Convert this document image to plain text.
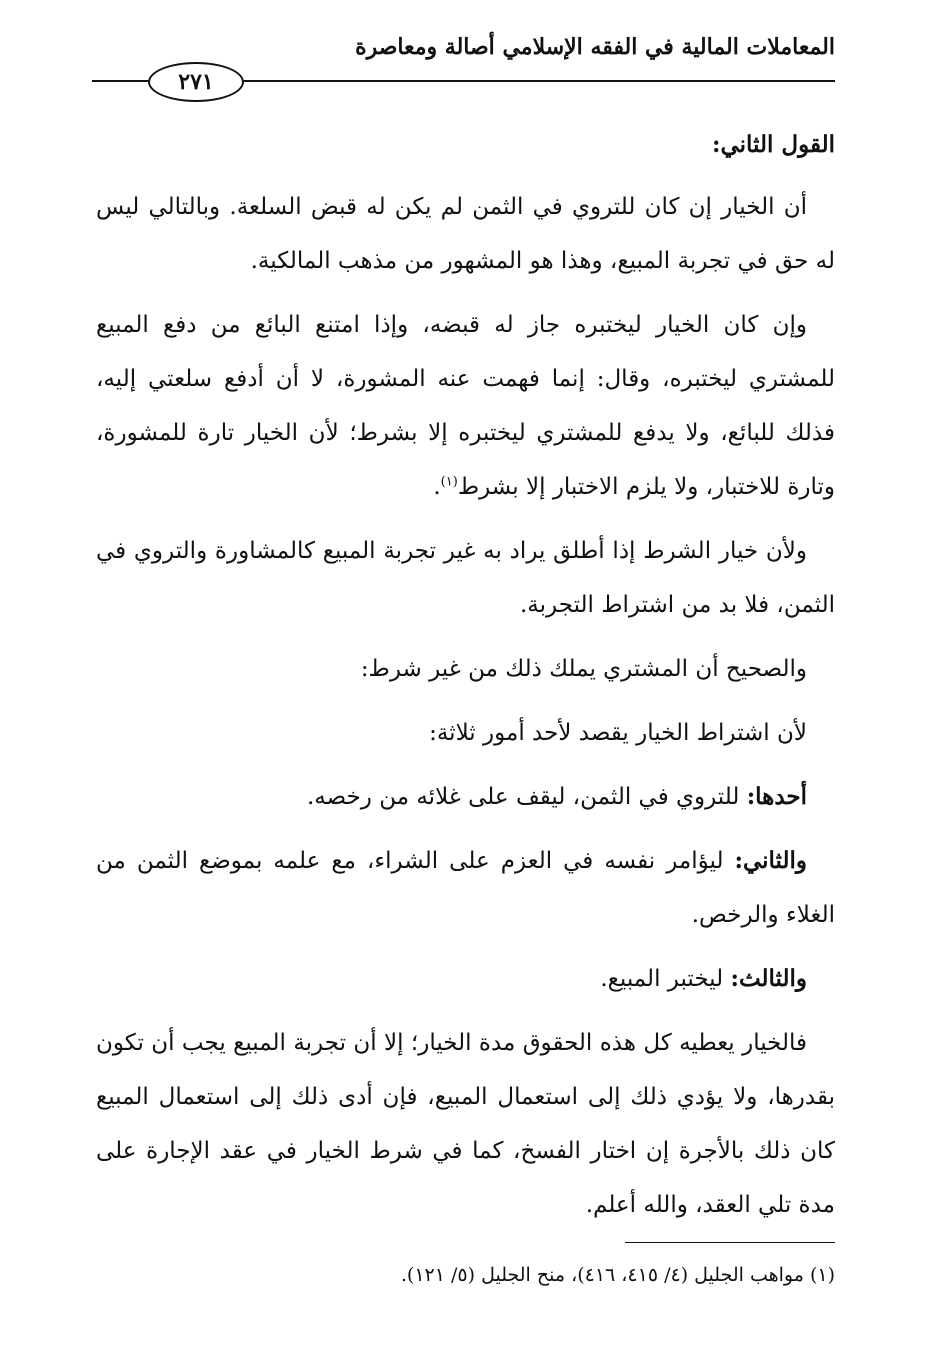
المعاملات المالية في الفقه الإسلامي أصالة ومعاصرة
٢٧١

القول الثاني:

أن الخيار إن كان للتروي في الثمن لم يكن له قبض السلعة. وبالتالي ليس له حق في تجربة المبيع، وهذا هو المشهور من مذهب المالكية.

وإن كان الخيار ليختبره جاز له قبضه، وإذا امتنع البائع من دفع المبيع للمشتري ليختبره، وقال: إنما فهمت عنه المشورة، لا أن أدفع سلعتي إليه، فذلك للبائع، ولا يدفع للمشتري ليختبره إلا بشرط؛ لأن الخيار تارة للمشورة، وتارة للاختبار، ولا يلزم الاختبار إلا بشرط$^{(١)}$.

ولأن خيار الشرط إذا أطلق يراد به غير تجربة المبيع كالمشاورة والتروي في الثمن، فلا بد من اشتراط التجربة.

والصحيح أن المشتري يملك ذلك من غير شرط:

لأن اشتراط الخيار يقصد لأحد أمور ثلاثة:

أحدها: للتروي في الثمن، ليقف على غلائه من رخصه.

والثاني: ليؤامر نفسه في العزم على الشراء، مع علمه بموضع الثمن من الغلاء والرخص.

والثالث: ليختبر المبيع.

فالخيار يعطيه كل هذه الحقوق مدة الخيار؛ إلا أن تجربة المبيع يجب أن تكون بقدرها، ولا يؤدي ذلك إلى استعمال المبيع، فإن أدى ذلك إلى استعمال المبيع كان ذلك بالأجرة إن اختار الفسخ، كما في شرط الخيار في عقد الإجارة على مدة تلي العقد، والله أعلم.

(١) مواهب الجليل (٤/ ٤١٥، ٤١٦)، منح الجليل (٥/ ١٢١).
